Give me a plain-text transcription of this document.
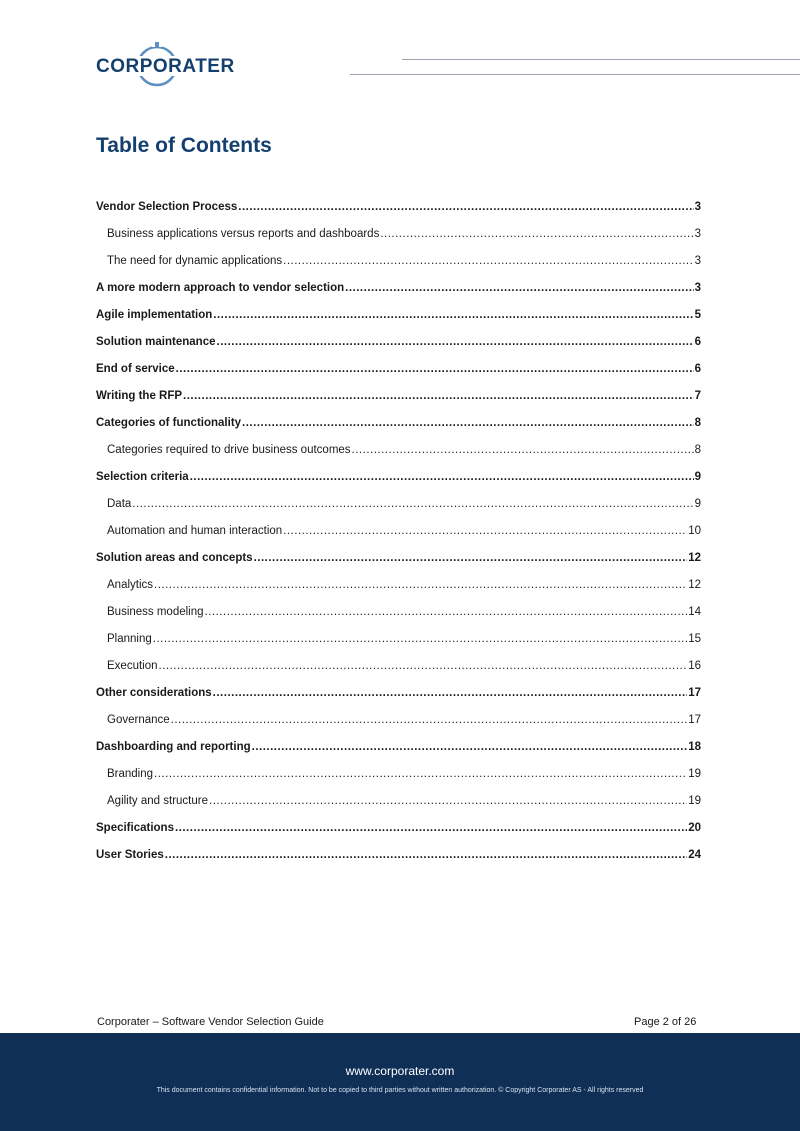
CORPORATER
Table of Contents
Vendor Selection Process .....	3
Business applications versus reports and dashboards .....	3
The need for dynamic applications .....	3
A more modern approach to vendor selection .....	3
Agile implementation .....	5
Solution maintenance .....	6
End of service .....	6
Writing the RFP .....	7
Categories of functionality .....	8
Categories required to drive business outcomes .....	8
Selection criteria .....	9
Data .....	9
Automation and human interaction .....	10
Solution areas and concepts .....	12
Analytics .....	12
Business modeling .....	14
Planning .....	15
Execution .....	16
Other considerations .....	17
Governance .....	17
Dashboarding and reporting .....	18
Branding .....	19
Agility and structure .....	19
Specifications .....	20
User Stories .....	24
Corporater – Software Vendor Selection Guide	Page 2 of 26
www.corporater.com
This document contains confidential information. Not to be copied to third parties without written authorization. © Copyright Corporater AS - All rights reserved
